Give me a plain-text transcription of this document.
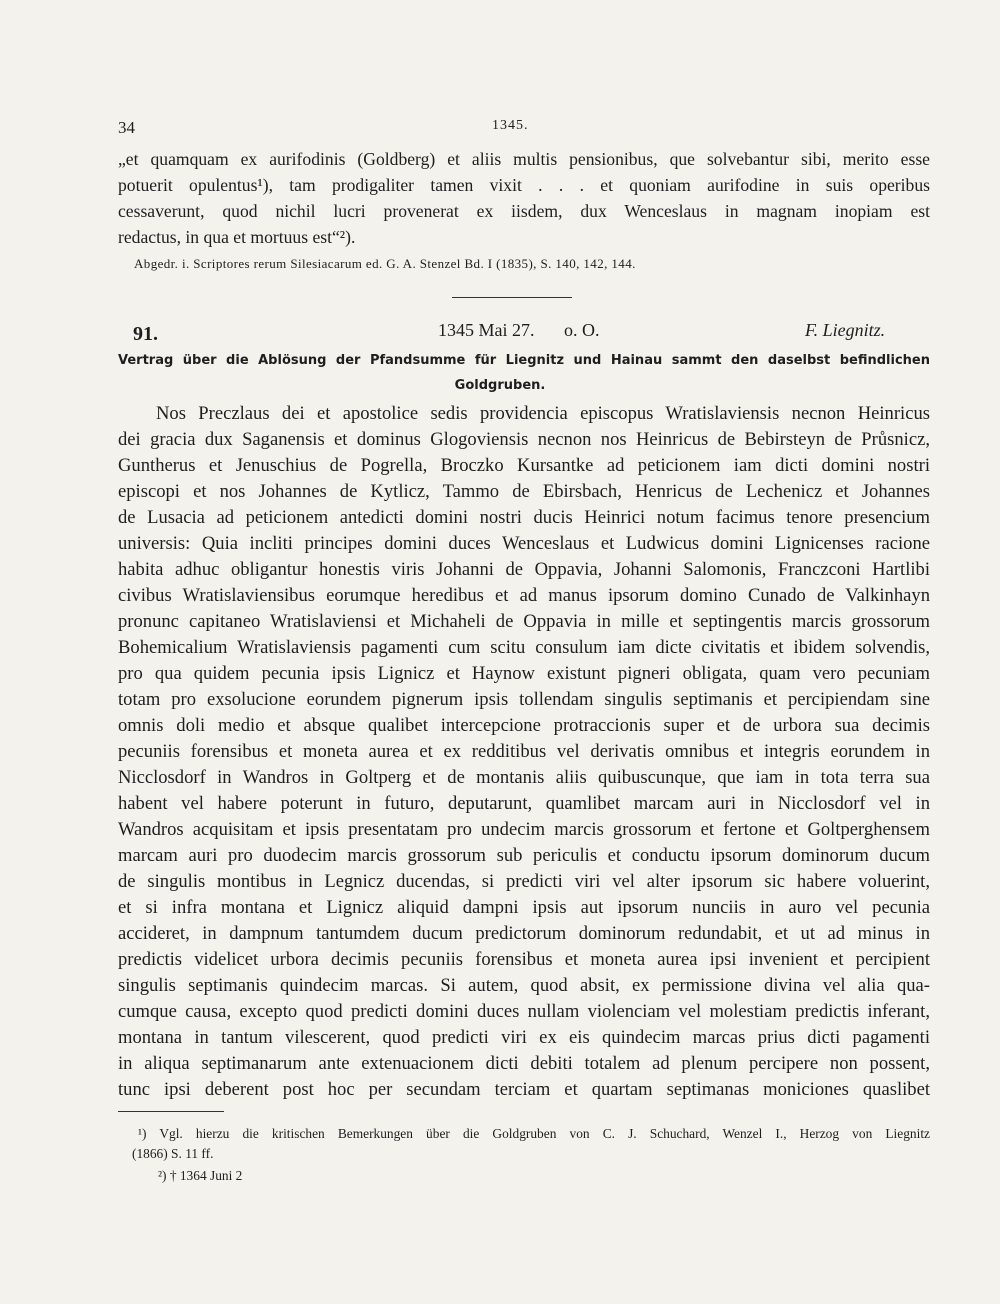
34	1345.
„et quamquam ex aurifodinis (Goldberg) et aliis multis pensionibus, que solvebantur sibi, merito esse
potuerit opulentus¹), tam prodigaliter tamen vixit . . . et quoniam aurifodine in suis operibus
cessaverunt, quod nichil lucri provenerat ex iisdem, dux Wenceslaus in magnam inopiam est
redactus, in qua et mortuus est“²).
Abgedr. i. Scriptores rerum Silesiacarum ed. G. A. Stenzel Bd. I (1835), S. 140, 142, 144.
91.	1345 Mai 27. o. O.	F. Liegnitz.
Vertrag über die Ablösung der Pfandsumme für Liegnitz und Hainau sammt den daselbst befindlichen
Goldgruben.
Nos Preczlaus dei et apostolice sedis providencia episcopus Wratislaviensis necnon Heinricus
dei gracia dux Saganensis et dominus Glogoviensis necnon nos Heinricus de Bebirsteyn de Průsnicz,
Guntherus et Jenuschius de Pogrella, Broczko Kursantke ad peticionem iam dicti domini nostri
episcopi et nos Johannes de Kytlicz, Tammo de Ebirsbach, Henricus de Lechenicz et Johannes
de Lusacia ad peticionem antedicti domini nostri ducis Heinrici notum facimus tenore presencium
universis: Quia incliti principes domini duces Wenceslaus et Ludwicus domini Lignicenses racione
habita adhuc obligantur honestis viris Johanni de Oppavia, Johanni Salomonis, Franczconi Hartlibi
civibus Wratislaviensibus eorumque heredibus et ad manus ipsorum domino Cunado de Valkinhayn
pronunc capitaneo Wratislaviensi et Michaheli de Oppavia in mille et septingentis marcis grossorum
Bohemicalium Wratislaviensis pagamenti cum scitu consulum iam dicte civitatis et ibidem solvendis,
pro qua quidem pecunia ipsis Lignicz et Haynow existunt pigneri obligata, quam vero pecuniam
totam pro exsolucione eorundem pignerum ipsis tollendam singulis septimanis et percipiendam sine
omnis doli medio et absque qualibet intercepcione protraccionis super et de urbora sua decimis
pecuniis forensibus et moneta aurea et ex redditibus vel derivatis omnibus et integris eorundem in
Nicclosdorf in Wandros in Goltperg et de montanis aliis quibuscunque, que iam in tota terra sua
habent vel habere poterunt in futuro, deputarunt, quamlibet marcam auri in Nicclosdorf vel in
Wandros acquisitam et ipsis presentatam pro undecim marcis grossorum et fertone et Goltperghensem
marcam auri pro duodecim marcis grossorum sub periculis et conductu ipsorum dominorum ducum
de singulis montibus in Legnicz ducendas, si predicti viri vel alter ipsorum sic habere voluerint,
et si infra montana et Lignicz aliquid dampni ipsis aut ipsorum nunciis in auro vel pecunia
accideret, in dampnum tantumdem ducum predictorum dominorum redundabit, et ut ad minus in
predictis videlicet urbora decimis pecuniis forensibus et moneta aurea ipsi invenient et percipient
singulis septimanis quindecim marcas. Si autem, quod absit, ex permissione divina vel alia qua-
cumque causa, excepto quod predicti domini duces nullam violenciam vel molestiam predictis inferant,
montana in tantum vilescerent, quod predicti viri ex eis quindecim marcas prius dicti pagamenti
in aliqua septimanarum ante extenuacionem dicti debiti totalem ad plenum percipere non possent,
tunc ipsi deberent post hoc per secundam terciam et quartam septimanas moniciones quaslibet
¹) Vgl. hierzu die kritischen Bemerkungen über die Goldgruben von C. J. Schuchard, Wenzel I., Herzog von Liegnitz
(1866) S. 11 ff.
²) † 1364 Juni 2
